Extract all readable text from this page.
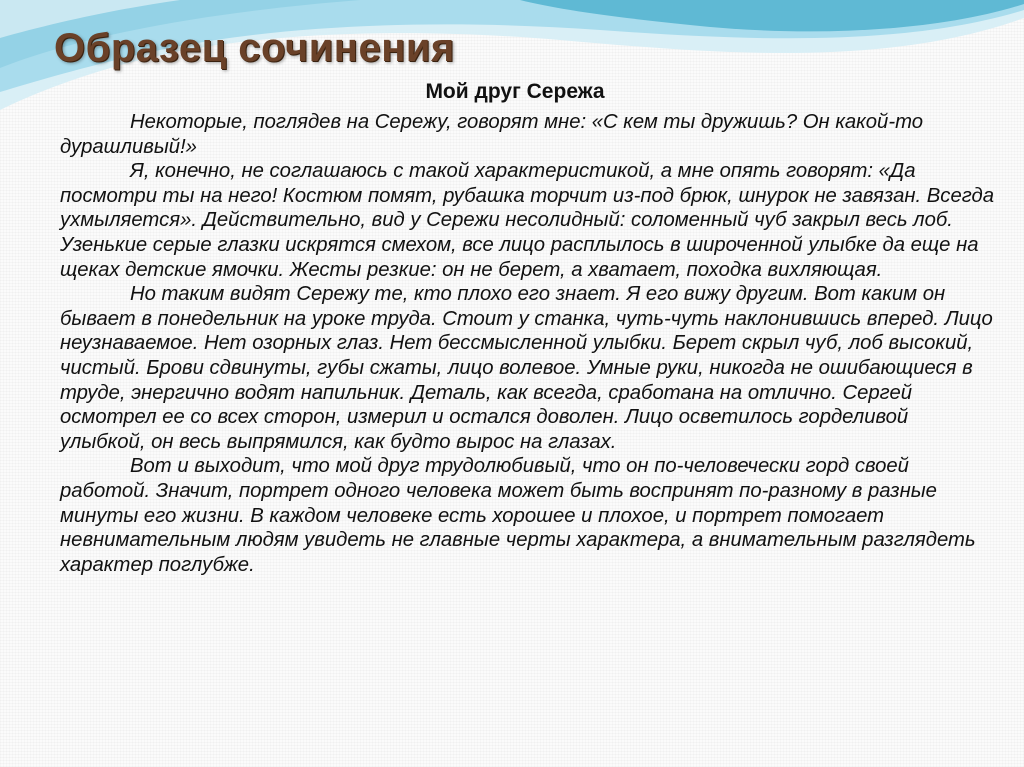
Образец сочинения
Мой друг Сережа

Некоторые, поглядев на Сережу, говорят мне: «С кем ты дружишь? Он какой-то дурашливый!»

Я, конечно, не соглашаюсь с такой характеристикой, а мне опять говорят: «Да посмотри ты на него! Костюм помят, рубашка торчит из-под брюк, шнурок не завязан. Всегда ухмыляется». Действительно, вид у Сережи несолидный: соломенный чуб закрыл весь лоб. Узенькие серые глазки искрятся смехом, все лицо расплылось в широченной улыбке да еще на щеках детские ямочки. Жесты резкие: он не берет, а хватает, походка вихляющая.

Но таким видят Сережу те, кто плохо его знает. Я его вижу другим. Вот каким он бывает в понедельник на уроке труда. Стоит у станка, чуть-чуть наклонившись вперед. Лицо неузнаваемое. Нет озорных глаз. Нет бессмысленной улыбки. Берет скрыл чуб, лоб высокий, чистый. Брови сдвинуты, губы сжаты, лицо волевое. Умные руки, никогда не ошибающиеся в труде, энергично водят напильник. Деталь, как всегда, сработана на отлично. Сергей осмотрел ее со всех сторон, измерил и остался доволен. Лицо осветилось горделивой улыбкой, он весь выпрямился, как будто вырос на глазах.

Вот и выходит, что мой друг трудолюбивый, что он по-человечески горд своей работой. Значит, портрет одного человека может быть воспринят по-разному в разные минуты его жизни. В каждом человеке есть хорошее и плохое, и портрет помогает невнимательным людям увидеть не главные черты характера, а внимательным разглядеть характер поглубже.
